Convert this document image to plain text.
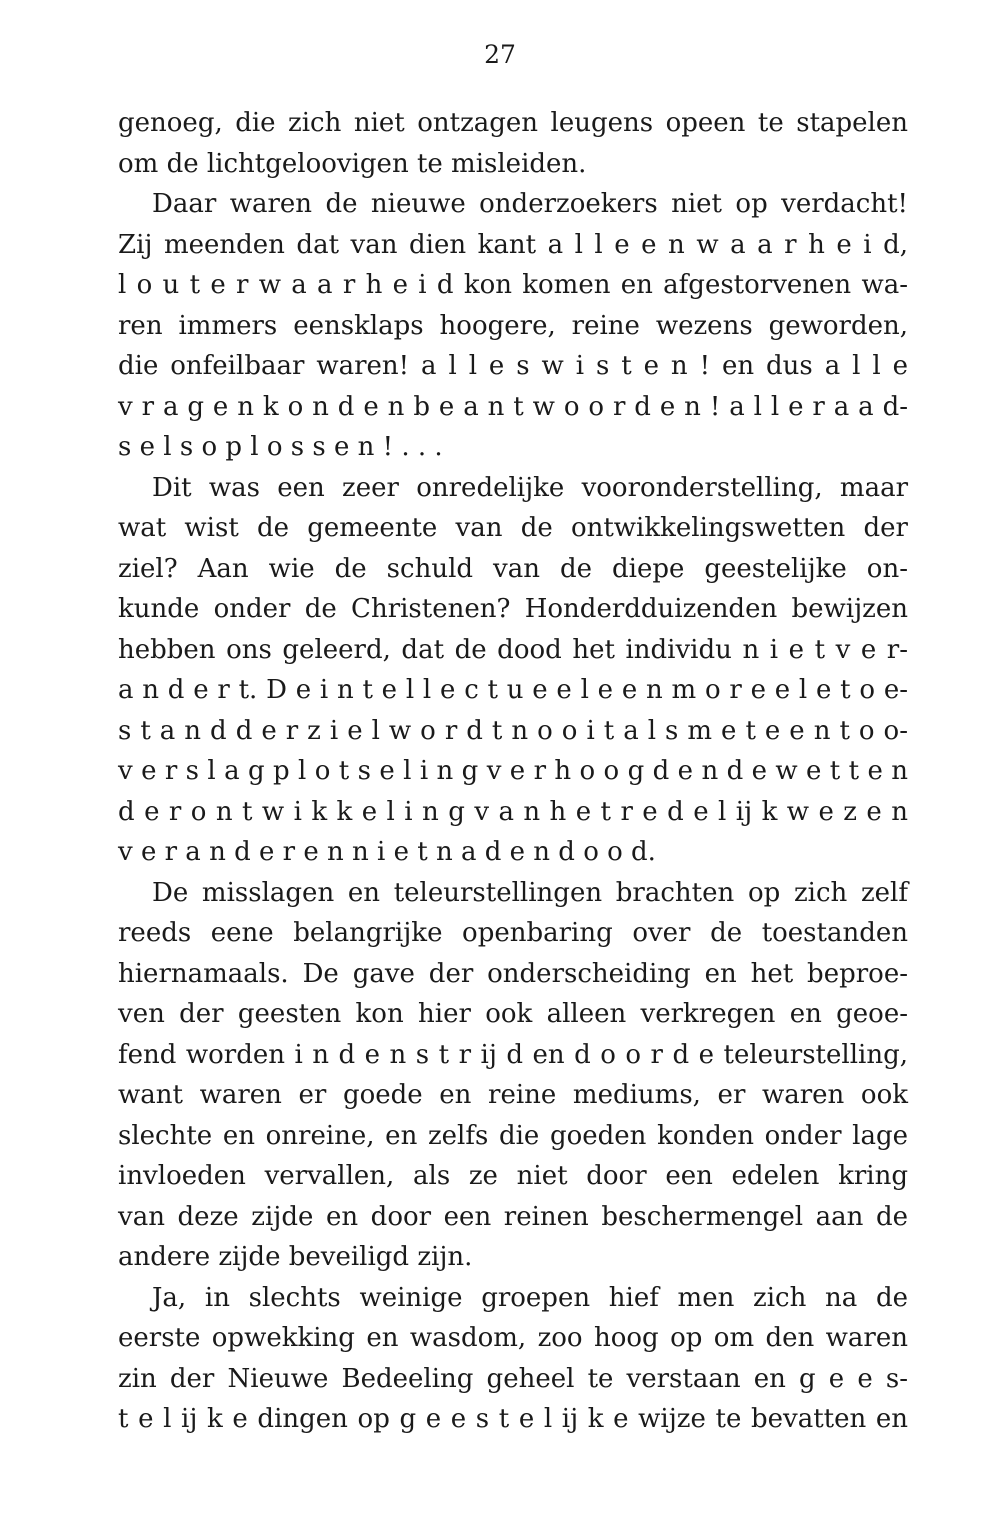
27
genoeg, die zich niet ontzagen leugens opeen te stapelen
om de lichtgeloovigen te misleiden.
Daar waren de nieuwe onderzoekers niet op verdacht!
Zij meenden dat van dien kant a l l e e n w a a r h e i d,
l o u t e r w a a r h e i d kon komen en afgestorvenen wa-
ren immers eensklaps hoogere, reine wezens geworden,
die onfeilbaar waren! a l l e s w i s t e n ! en dus a l l e
v r a g e n k o n d e n b e a n t w o o r d e n ! a l l e r a a d-
s e l s o p l o s s e n ! . . .
Dit was een zeer onredelijke vooronderstelling, maar
wat wist de gemeente van de ontwikkelingswetten der
ziel? Aan wie de schuld van de diepe geestelijke on-
kunde onder de Christenen? Honderdduizenden bewijzen
hebben ons geleerd, dat de dood het individu n i e t v e r-
a n d e r t. D e i n t e l l e c t u e e l e e n m o r e e l e t o e-
s t a n d d e r z i e l w o r d t n o o i t a l s m e t e e n t o o-
v e r s l a g p l o t s e l i n g v e r h o o g d e n d e w e t t e n
d e r o n t w i k k e l i n g v a n h e t r e d e l ij k w e z e n
v e r a n d e r e n n i e t n a d e n d o o d.
De misslagen en teleurstellingen brachten op zich zelf
reeds eene belangrijke openbaring over de toestanden
hiernamaals. De gave der onderscheiding en het beproe-
ven der geesten kon hier ook alleen verkregen en geoe-
fend worden i n d e n s t r ij d en d o o r d e teleurstelling,
want waren er goede en reine mediums, er waren ook
slechte en onreine, en zelfs die goeden konden onder lage
invloeden vervallen, als ze niet door een edelen kring
van deze zijde en door een reinen beschermengel aan de
andere zijde beveiligd zijn.
Ja, in slechts weinige groepen hief men zich na de
eerste opwekking en wasdom, zoo hoog op om den waren
zin der Nieuwe Bedeeling geheel te verstaan en g e e s-
t e l ij k e dingen op g e e s t e l ij k e wijze te bevatten en
